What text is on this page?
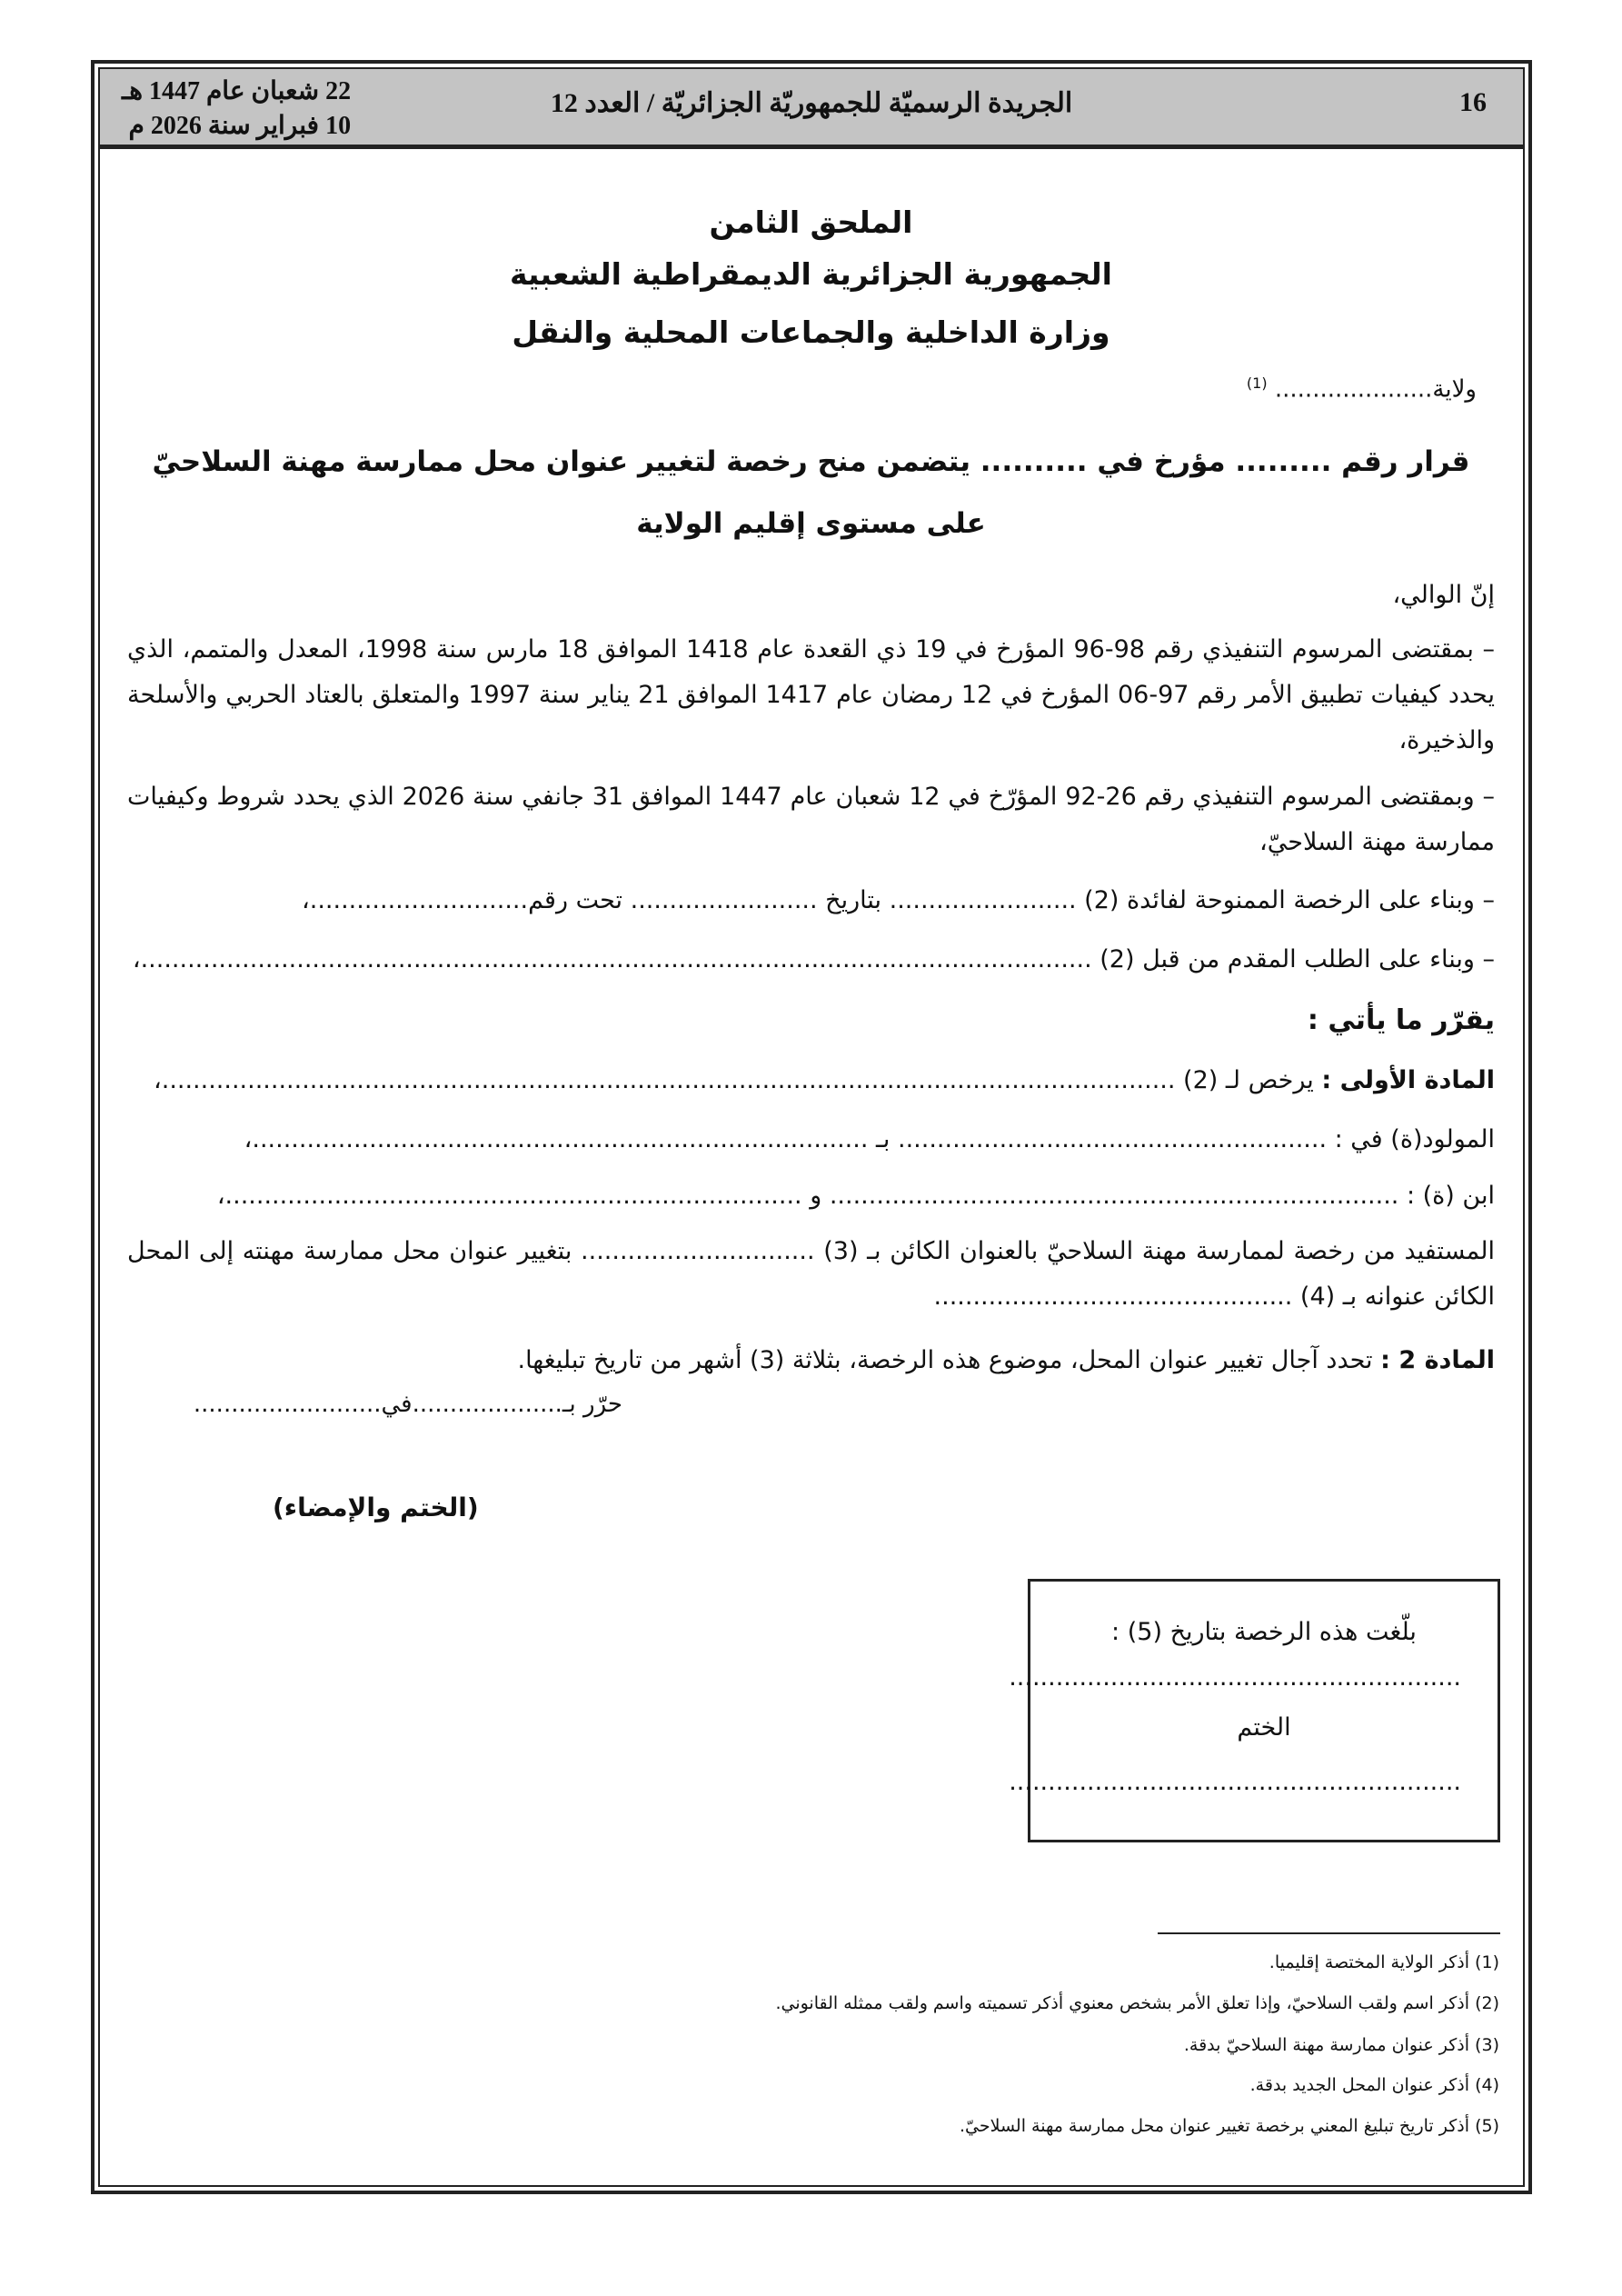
16
الجريدة الرسميّة للجمهوريّة الجزائريّة / العدد 12
22 شعبان عام 1447 هـ
10 فبراير سنة 2026 م
الملحق الثامن
الجمهورية الجزائرية الديمقراطية الشعبية
وزارة الداخلية والجماعات المحلية والنقل
ولاية..................... $^{(1)}$
قرار رقم ......... مؤرخ في .......... يتضمن منح رخصة لتغيير عنوان محل ممارسة مهنة السلاحيّ
على مستوى إقليم الولاية
إنّ الوالي،
– بمقتضى المرسوم التنفيذي رقم 98-96 المؤرخ في 19 ذي القعدة عام 1418 الموافق 18 مارس سنة 1998، المعدل والمتمم، الذي يحدد كيفيات تطبيق الأمر رقم 97-06 المؤرخ في 12 رمضان عام 1417 الموافق 21 يناير سنة 1997 والمتعلق بالعتاد الحربي والأسلحة والذخيرة،
– وبمقتضى المرسوم التنفيذي رقم 26-92 المؤرّخ في 12 شعبان عام 1447 الموافق 31 جانفي سنة 2026 الذي يحدد شروط وكيفيات ممارسة مهنة السلاحيّ،
– وبناء على الرخصة الممنوحة لفائدة (2) ........................ بتاريخ ........................ تحت رقم............................،
– وبناء على الطلب المقدم من قبل (2) ..........................................................................................................................،
يقرّر ما يأتي :
المادة الأولى : يرخص لـ (2) ..................................................................................................................................،
المولود(ة) في : ....................................................... بـ ...............................................................................،
ابن (ة) : ......................................................................... و ..........................................................................،
المستفيد من رخصة لممارسة مهنة السلاحيّ بالعنوان الكائن بـ (3) .............................. بتغيير عنوان محل ممارسة مهنته إلى المحل الكائن عنوانه بـ (4) ..............................................
المادة 2 : تحدد آجال تغيير عنوان المحل، موضوع هذه الرخصة، بثلاثة (3) أشهر من تاريخ تبليغها.
حرّر بـ....................في.........................
(الختم والإمضاء)
بلّغت هذه الرخصة بتاريخ (5) :
..........................................................
الختم
..........................................................
(1) أذكر الولاية المختصة إقليميا.
(2) أذكر اسم ولقب السلاحيّ، وإذا تعلق الأمر بشخص معنوي أذكر تسميته واسم ولقب ممثله القانوني.
(3) أذكر عنوان ممارسة مهنة السلاحيّ بدقة.
(4) أذكر عنوان المحل الجديد بدقة.
(5) أذكر تاريخ تبليغ المعني برخصة تغيير عنوان محل ممارسة مهنة السلاحيّ.
